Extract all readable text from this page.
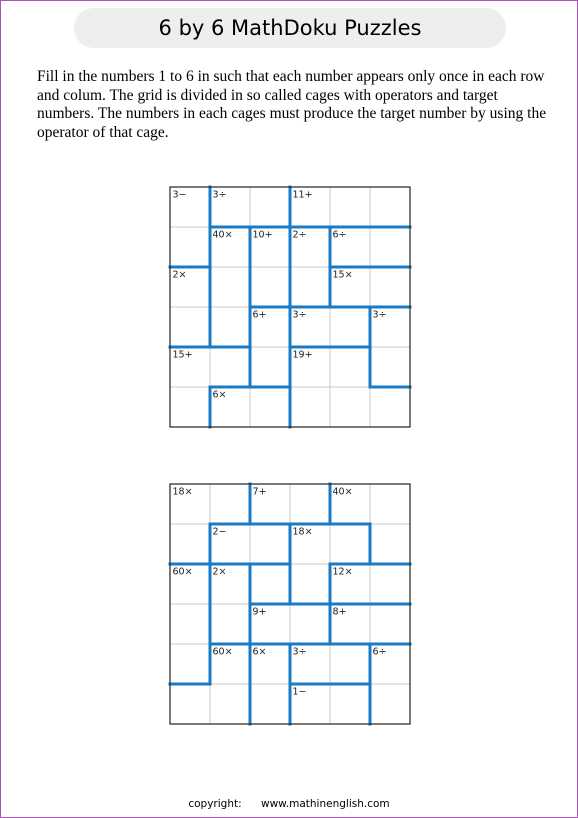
6 by 6 MathDoku Puzzles

Fill in the numbers 1 to 6 in such that each number appears only once in each row and colum. The grid is divided in so called cages with operators and target numbers. The numbers in each cages must produce the target number by using the operator of that cage.

3−	3÷	11+
40× 10+ 2÷	6÷
2×	15×
6+	3÷	3÷
15+	19+
6×
18×	7+	40×
2−	18×
60× 2×	12×
9+	8+
60× 6×	3÷	6÷
1−
copyright: www.mathinenglish.com
